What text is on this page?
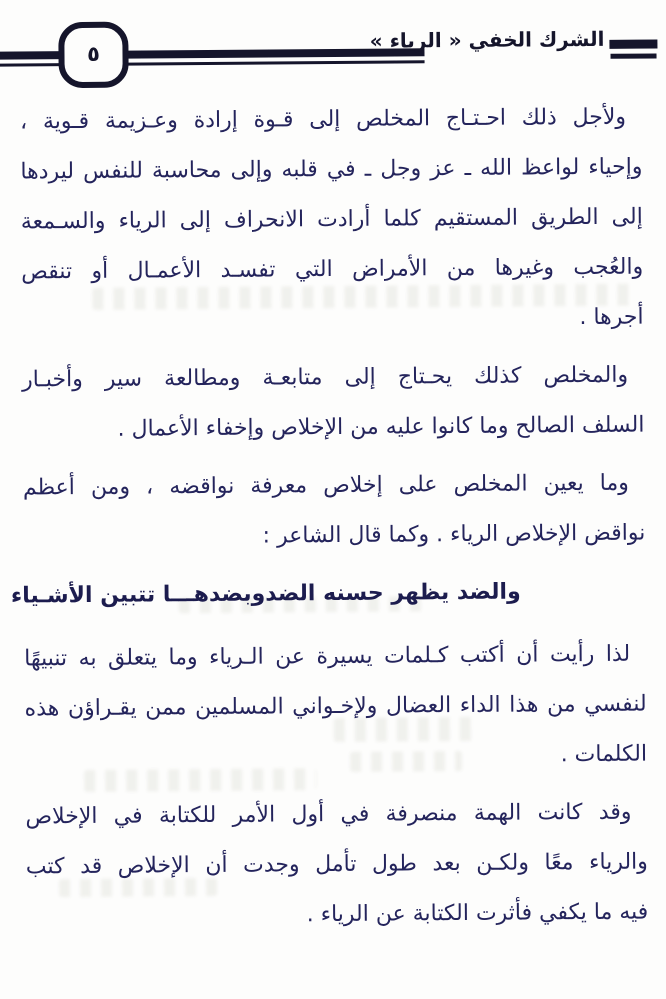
٥
الشرك الخفي « الرياء »

ولأجل ذلك احـتـاج المخلص إلى قـوة إرادة وعـزيمة قـوية ،
وإحياء لواعظ الله ـ عز وجل ـ في قلبه وإلى محاسبة للنفس ليردها
إلى الطريق المستقيم كلما أرادت الانحراف إلى الرياء والسـمعة
والعُجب وغيرها من الأمراض التي تفسـد الأعمـال أو تنقص
أجرها .

والمخلص كذلك يحـتاج إلى متابعـة ومطالعة سير وأخبـار
السلف الصالح وما كانوا عليه من الإخلاص وإخفاء الأعمال .

وما يعين المخلص على إخلاص معرفة نواقضه ، ومن أعظم
نواقض الإخلاص الرياء . وكما قال الشاعر :

والضد يظهر حسنه الضد
وبضدهـــا تتبين الأشـياء

لذا رأيت أن أكتب كـلمات يسيرة عن الـرياء وما يتعلق به تنبيهًا
لنفسي من هذا الداء العضال ولإخـواني المسلمين ممن يقـراؤن هذه
الكلمات .

وقد كانت الهمة منصرفة في أول الأمر للكتابة في الإخلاص
والرياء معًا ولكـن بعد طول تأمل وجدت أن الإخلاص قد كتب
فيه ما يكفي فأثرت الكتابة عن الرياء .
